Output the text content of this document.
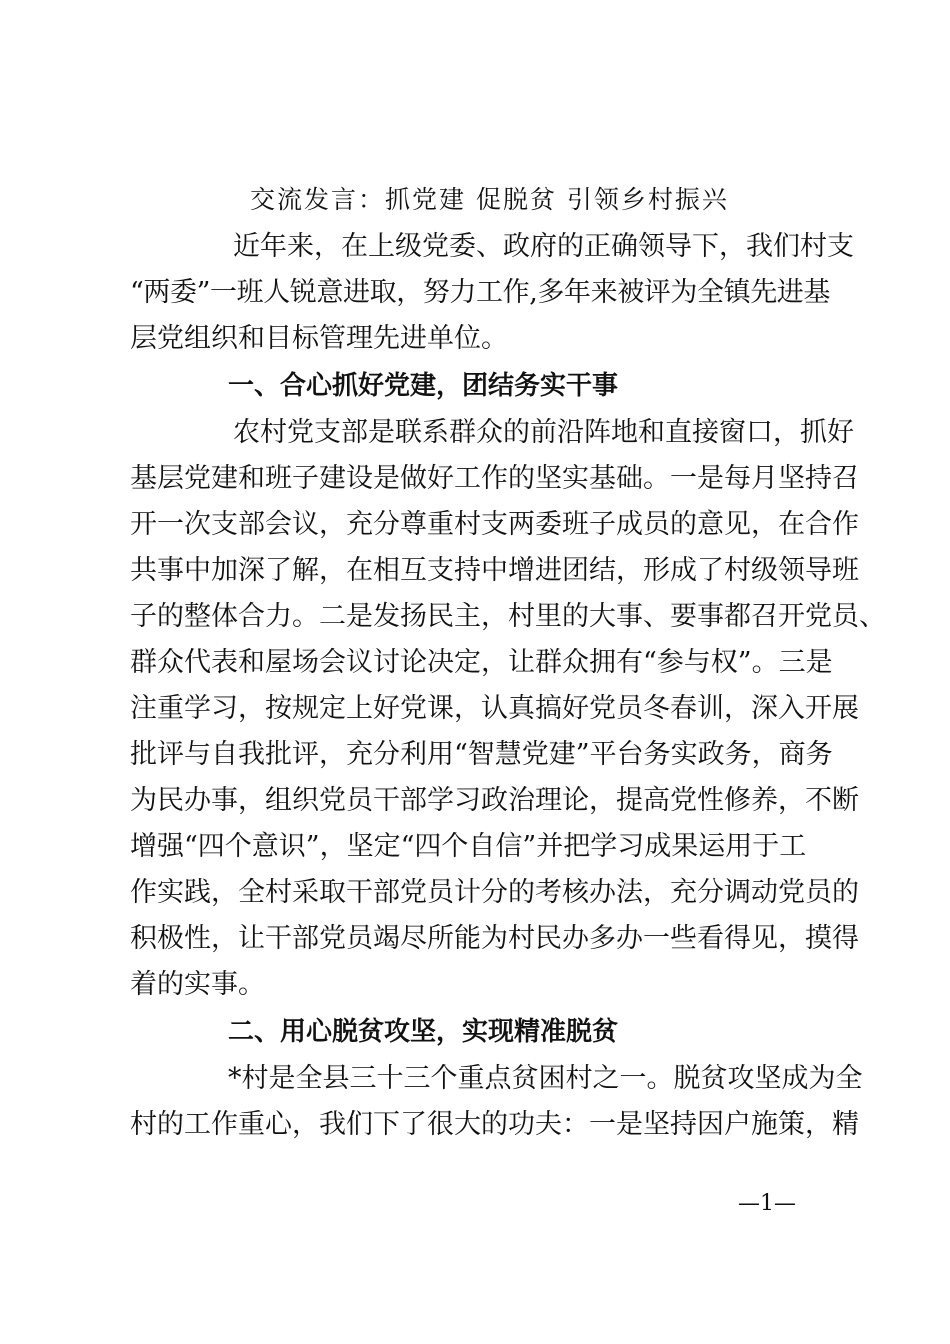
交流发言：抓党建 促脱贫 引领乡村振兴
近年来，在上级党委、政府的正确领导下，我们村支
“两委”一班人锐意进取，努力工作,多年来被评为全镇先进基
层党组织和目标管理先进单位。
一、合心抓好党建，团结务实干事
农村党支部是联系群众的前沿阵地和直接窗口，抓好
基层党建和班子建设是做好工作的坚实基础。一是每月坚持召
开一次支部会议，充分尊重村支两委班子成员的意见，在合作
共事中加深了解，在相互支持中增进团结，形成了村级领导班
子的整体合力。二是发扬民主，村里的大事、要事都召开党员、
群众代表和屋场会议讨论决定，让群众拥有“参与权”。三是
注重学习，按规定上好党课，认真搞好党员冬春训，深入开展
批评与自我批评，充分利用“智慧党建”平台务实政务，商务
为民办事，组织党员干部学习政治理论，提高党性修养，不断
增强“四个意识”，坚定“四个自信”并把学习成果运用于工
作实践，全村采取干部党员计分的考核办法，充分调动党员的
积极性，让干部党员竭尽所能为村民办多办一些看得见，摸得
着的实事。
二、用心脱贫攻坚，实现精准脱贫
*村是全县三十三个重点贫困村之一。脱贫攻坚成为全
村的工作重心，我们下了很大的功夫：一是坚持因户施策，精
—1—
